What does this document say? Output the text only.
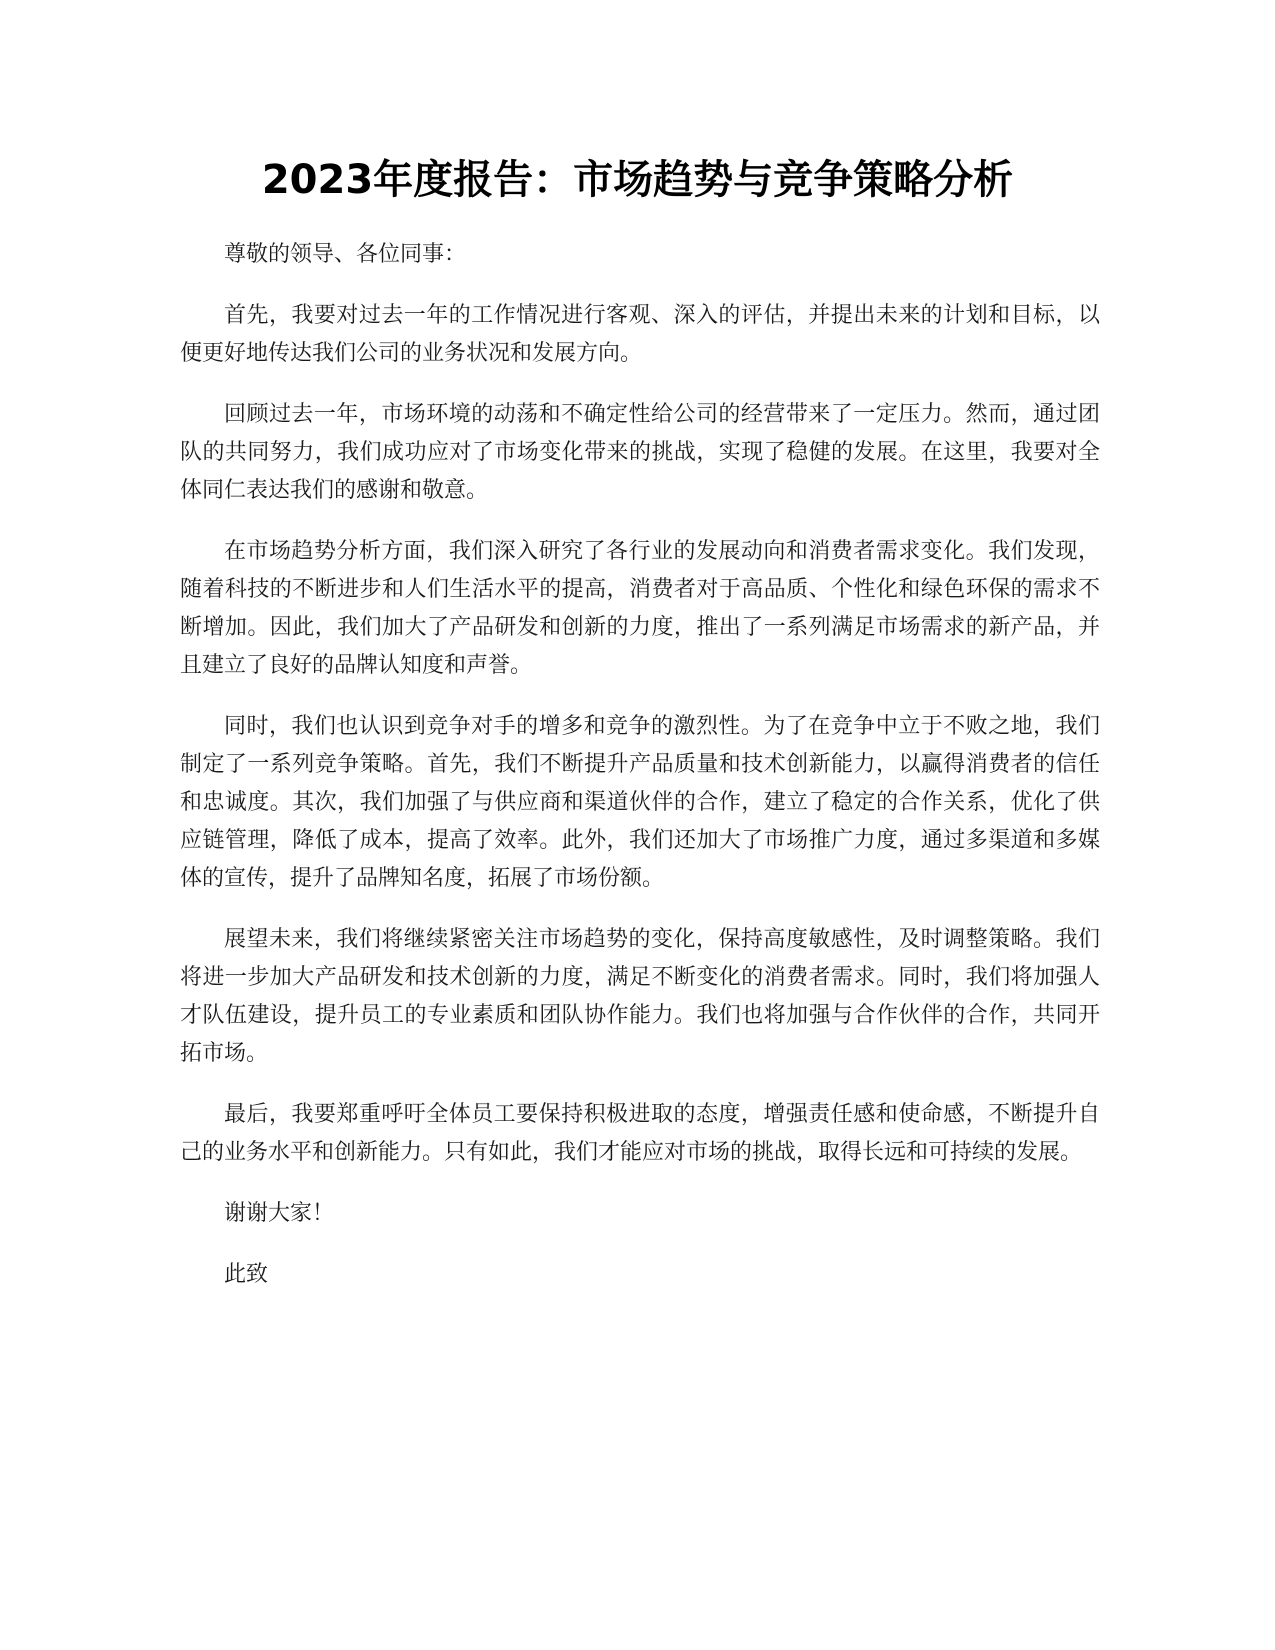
2023年度报告：市场趋势与竞争策略分析

尊敬的领导、各位同事：

首先，我要对过去一年的工作情况进行客观、深入的评估，并提出未来的计划和目标，以便更好地传达我们公司的业务状况和发展方向。

回顾过去一年，市场环境的动荡和不确定性给公司的经营带来了一定压力。然而，通过团队的共同努力，我们成功应对了市场变化带来的挑战，实现了稳健的发展。在这里，我要对全体同仁表达我们的感谢和敬意。

在市场趋势分析方面，我们深入研究了各行业的发展动向和消费者需求变化。我们发现，随着科技的不断进步和人们生活水平的提高，消费者对于高品质、个性化和绿色环保的需求不断增加。因此，我们加大了产品研发和创新的力度，推出了一系列满足市场需求的新产品，并且建立了良好的品牌认知度和声誉。

同时，我们也认识到竞争对手的增多和竞争的激烈性。为了在竞争中立于不败之地，我们制定了一系列竞争策略。首先，我们不断提升产品质量和技术创新能力，以赢得消费者的信任和忠诚度。其次，我们加强了与供应商和渠道伙伴的合作，建立了稳定的合作关系，优化了供应链管理，降低了成本，提高了效率。此外，我们还加大了市场推广力度，通过多渠道和多媒体的宣传，提升了品牌知名度，拓展了市场份额。

展望未来，我们将继续紧密关注市场趋势的变化，保持高度敏感性，及时调整策略。我们将进一步加大产品研发和技术创新的力度，满足不断变化的消费者需求。同时，我们将加强人才队伍建设，提升员工的专业素质和团队协作能力。我们也将加强与合作伙伴的合作，共同开拓市场。

最后，我要郑重呼吁全体员工要保持积极进取的态度，增强责任感和使命感，不断提升自己的业务水平和创新能力。只有如此，我们才能应对市场的挑战，取得长远和可持续的发展。

谢谢大家！

此致
